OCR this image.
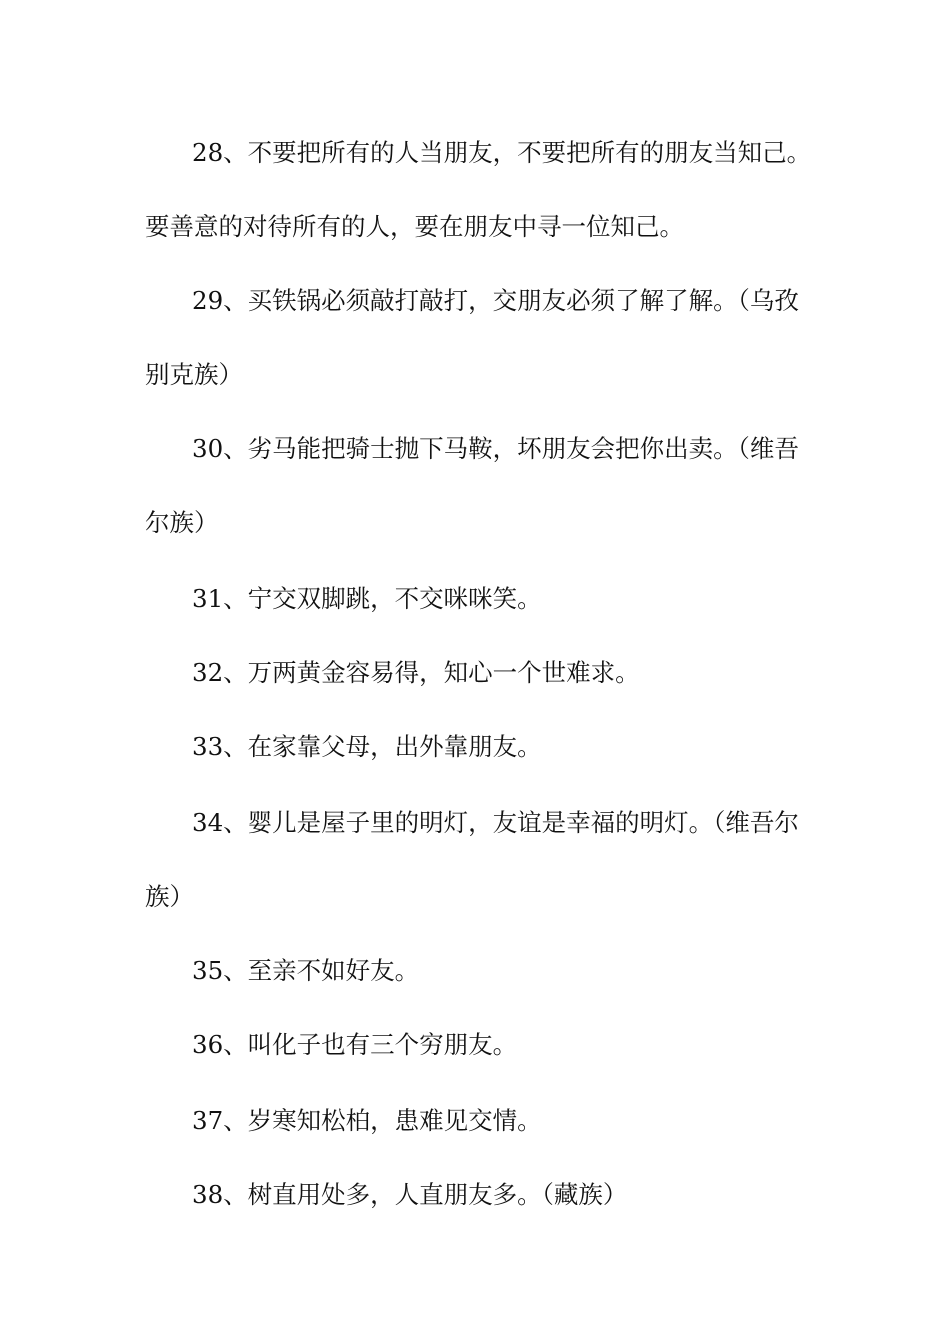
28、不要把所有的人当朋友，不要把所有的朋友当知己。

要善意的对待所有的人，要在朋友中寻一位知己。

29、买铁锅必须敲打敲打，交朋友必须了解了解。（乌孜

别克族）

30、劣马能把骑士抛下马鞍，坏朋友会把你出卖。（维吾

尔族）

31、宁交双脚跳，不交咪咪笑。

32、万两黄金容易得，知心一个世难求。

33、在家靠父母，出外靠朋友。

34、婴儿是屋子里的明灯，友谊是幸福的明灯。（维吾尔

族）

35、至亲不如好友。

36、叫化子也有三个穷朋友。

37、岁寒知松柏，患难见交情。

38、树直用处多，人直朋友多。（藏族）
